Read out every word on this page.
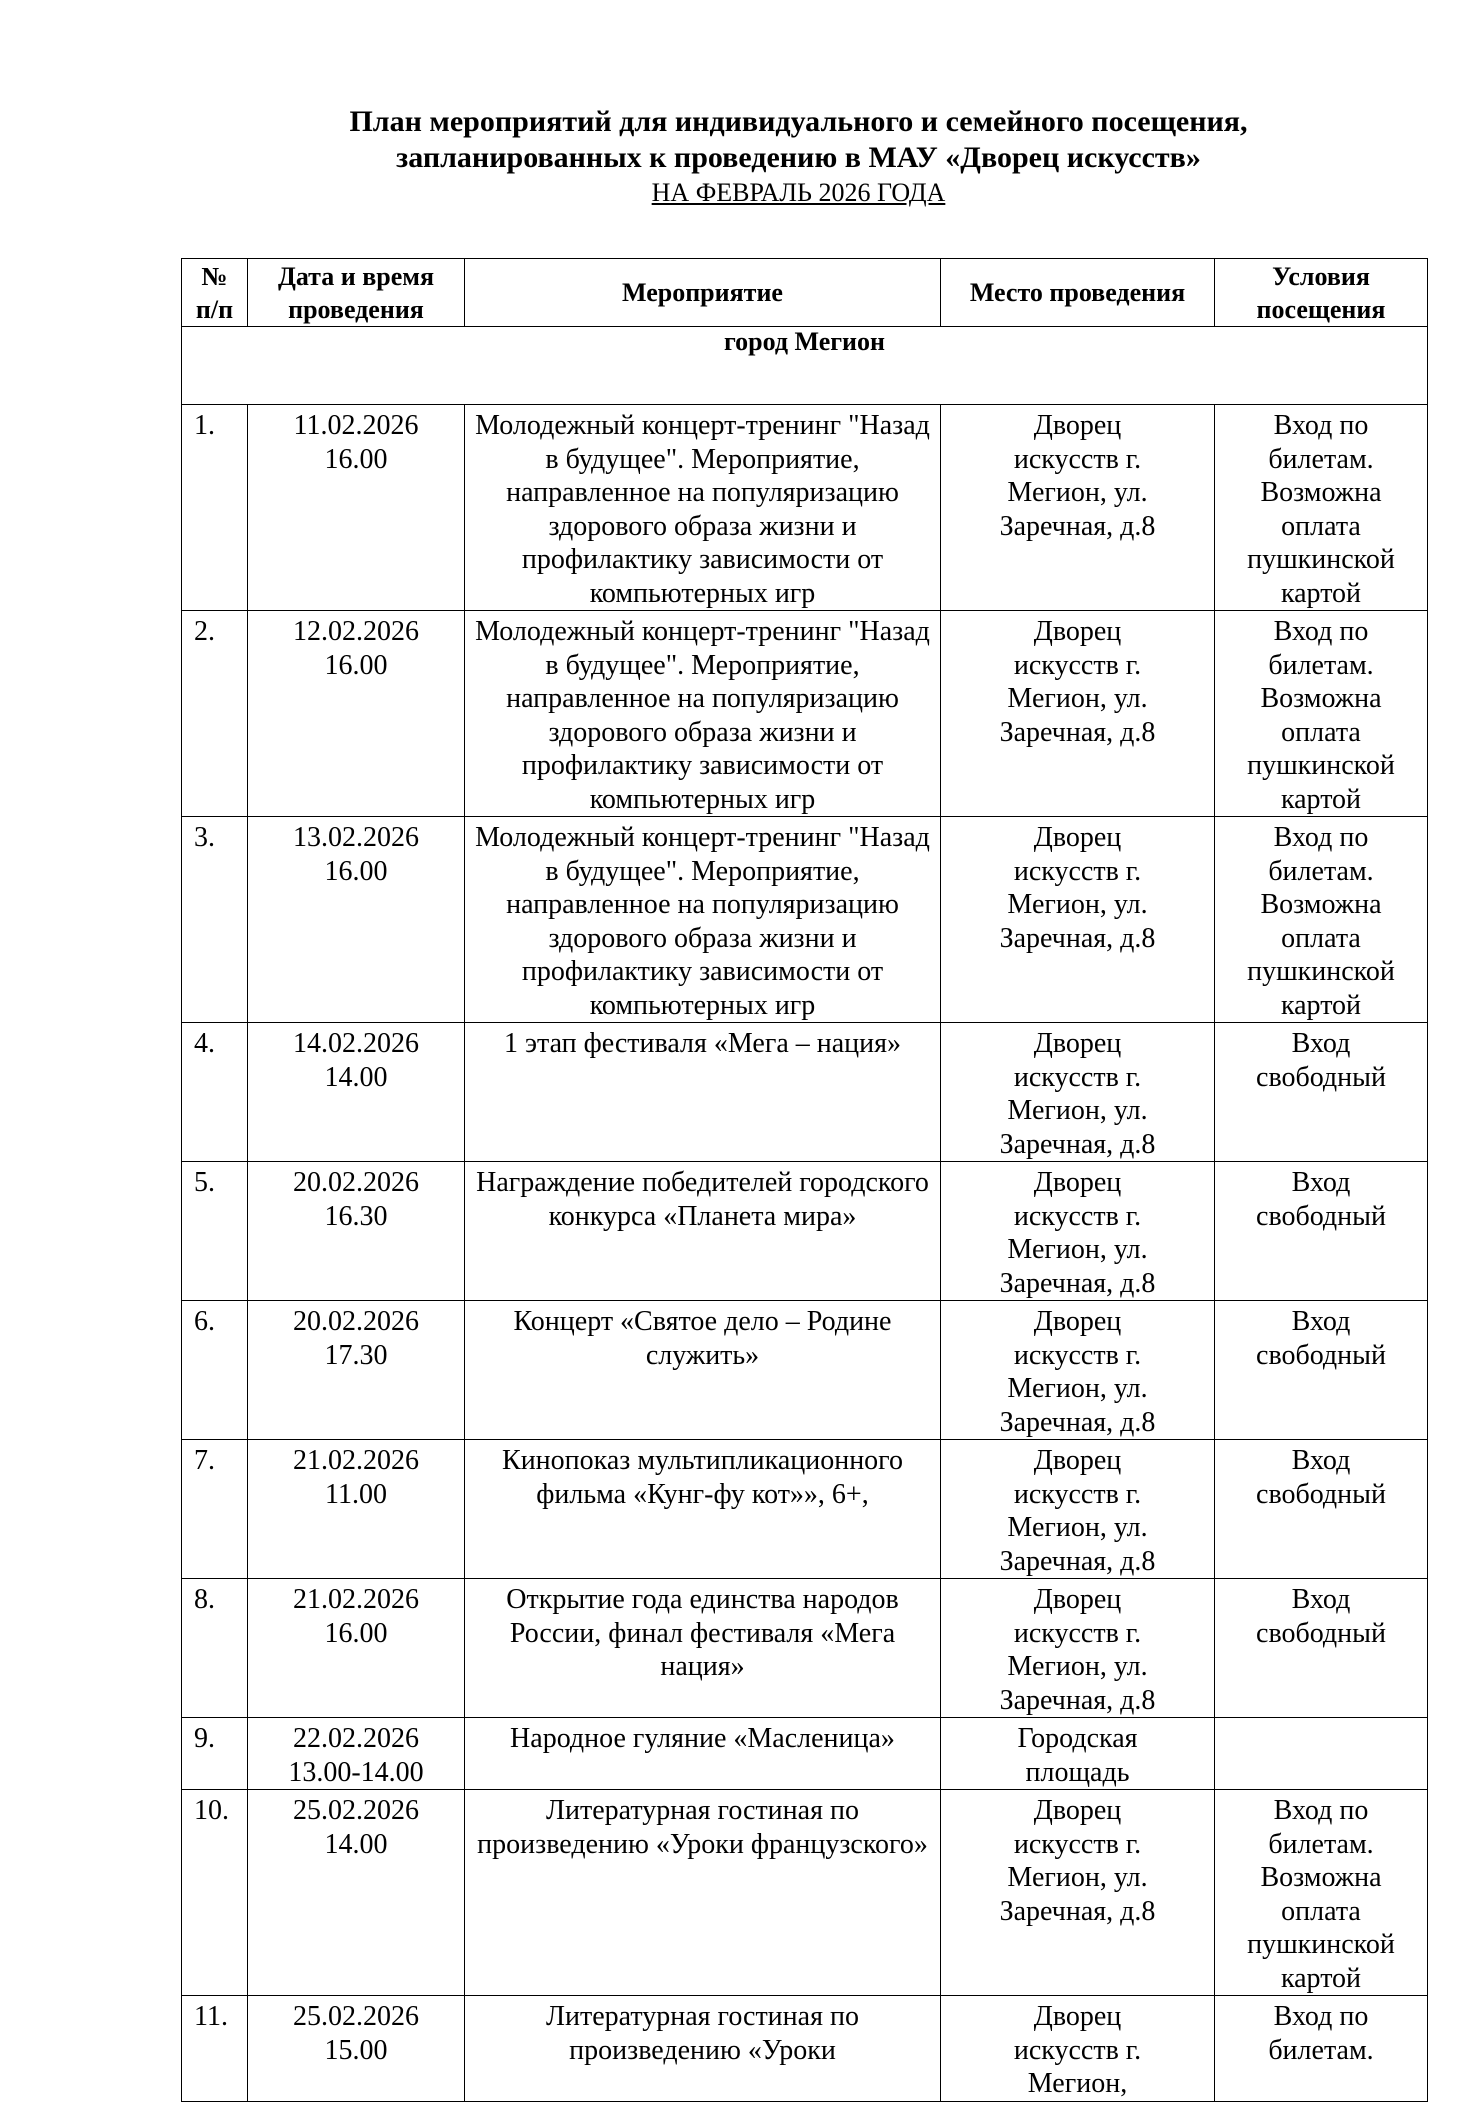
План мероприятий для индивидуального и семейного посещения,
запланированных к проведению в МАУ «Дворец искусств»
НА ФЕВРАЛЬ 2026 ГОДА
№
п/п	Дата и время
проведения	Мероприятие	Место проведения	Условия
посещения

город Мегион				

1.	11.02.2026
16.00	Молодежный концерт-тренинг "Назад в будущее". Мероприятие, направленное на популяризацию здорового образа жизни и профилактику зависимости от компьютерных игр	Дворец искусств г. Мегион, ул. Заречная, д.8	Вход по билетам. Возможна оплата пушкинской картой

2.	12.02.2026
16.00	Молодежный концерт-тренинг "Назад в будущее". Мероприятие, направленное на популяризацию здорового образа жизни и профилактику зависимости от компьютерных игр	Дворец искусств г. Мегион, ул. Заречная, д.8	Вход по билетам. Возможна оплата пушкинской картой

3.	13.02.2026
16.00	Молодежный концерт-тренинг "Назад в будущее". Мероприятие, направленное на популяризацию здорового образа жизни и профилактику зависимости от компьютерных игр	Дворец искусств г. Мегион, ул. Заречная, д.8	Вход по билетам. Возможна оплата пушкинской картой

4.	14.02.2026
14.00	1 этап фестиваля «Мега – нация»	Дворец искусств г. Мегион, ул. Заречная, д.8	Вход свободный

5.	20.02.2026
16.30	Награждение победителей городского конкурса «Планета мира»	Дворец искусств г. Мегион, ул. Заречная, д.8	Вход свободный

6.	20.02.2026
17.30	Концерт «Святое дело – Родине служить»	Дворец искусств г. Мегион, ул. Заречная, д.8	Вход свободный

7.	21.02.2026
11.00	Кинопоказ мультипликационного фильма «Кунг-фу кот»», 6+,	Дворец искусств г. Мегион, ул. Заречная, д.8	Вход свободный

8.	21.02.2026
16.00	Открытие года единства народов России, финал фестиваля «Мега нация»	Дворец искусств г. Мегион, ул. Заречная, д.8	Вход свободный

9.	22.02.2026
13.00-14.00	Народное гуляние «Масленица»	Городская площадь	

10.	25.02.2026
14.00	Литературная гостиная по произведению «Уроки французского»	Дворец искусств г. Мегион, ул. Заречная, д.8	Вход по билетам. Возможна оплата пушкинской картой

11.	25.02.2026
15.00	Литературная гостиная по произведению «Уроки	Дворец искусств г. Мегион,	Вход по билетам.
